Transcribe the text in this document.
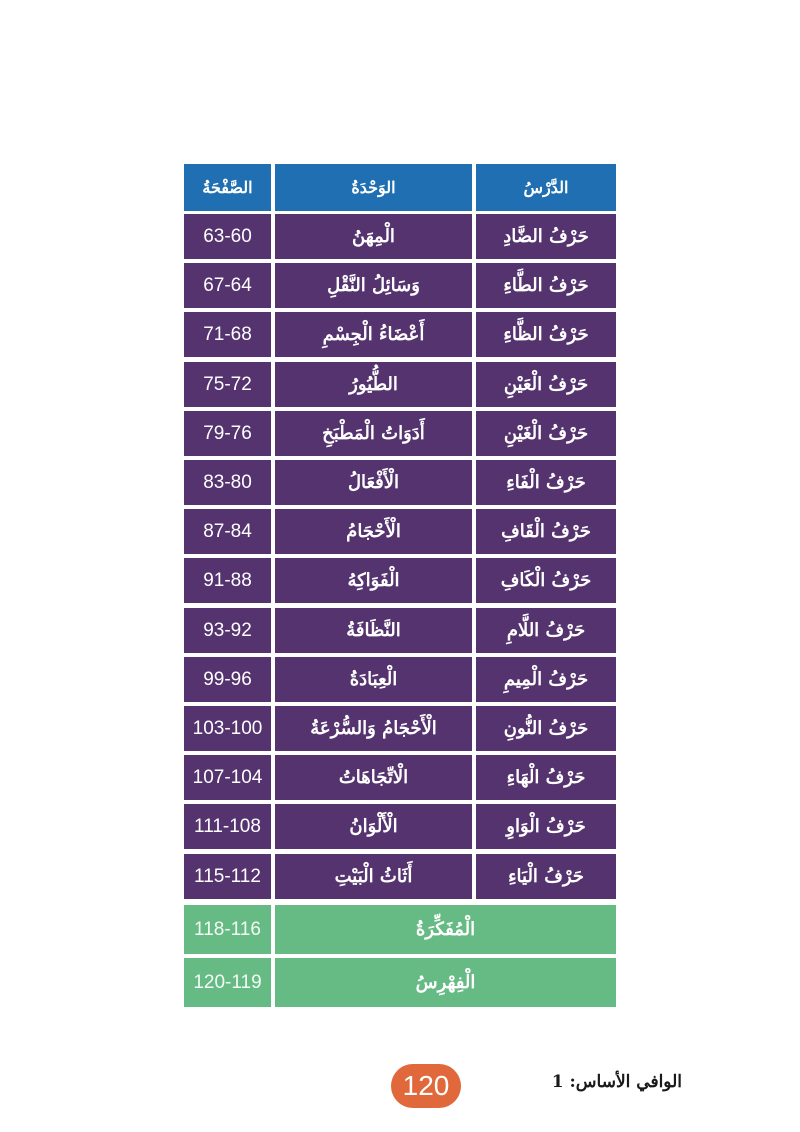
الصَّفْحَةُ	الوَحْدَةُ	الدَّرْسُ
حَرْفُ الضَّادِ
الْمِهَنُ
63-60
حَرْفُ الطَّاءِ
وَسَائِلُ النَّقْلِ
67-64
حَرْفُ الظَّاءِ
أَعْضَاءُ الْجِسْمِ
71-68
حَرْفُ الْعَيْنِ
الطُّيُورُ
75-72
حَرْفُ الْغَيْنِ
أَدَوَاتُ الْمَطْبَخِ
79-76
حَرْفُ الْفَاءِ
الْأَفْعَالُ
83-80
حَرْفُ الْقَافِ
الْأَحْجَامُ
87-84
حَرْفُ الْكَافِ
الْفَوَاكِهُ
91-88
حَرْفُ اللَّامِ
النَّظَافَةُ
93-92
حَرْفُ الْمِيمِ
الْعِبَادَةُ
99-96
حَرْفُ النُّونِ
الْأَحْجَامُ وَالسُّرْعَةُ
103-100
حَرْفُ الْهَاءِ
الْاتِّجَاهَاتُ
107-104
حَرْفُ الْوَاوِ
الْأَلْوَانُ
111-108
حَرْفُ الْيَاءِ
أَثَاثُ الْبَيْتِ
115-112
الْمُفَكِّرَةُ
118-116
الْفِهْرِسُ
120-119
الوافي الأساس: 1
120
